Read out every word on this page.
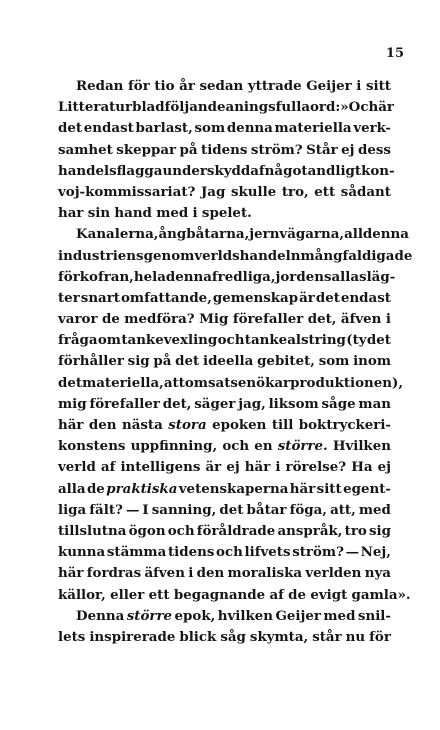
15
Redan för tio år sedan yttrade Geijer i sitt
Litteraturblad följande aningsfulla ord: »Och är
det endast barlast, som denna materiella verk-
samhet skeppar på tidens ström? Står ej dess
handelsflagga under skydd af något andligt kon-
voj-kommissariat? Jag skulle tro, ett sådant
har sin hand med i spelet.
Kanalerna, ångbåtarna, jernvägarna, all denna
industriens genom verldshandeln mångfaldigade
förkofran, hela denna fredliga, jordens alla släg-
ter snart omfattande, gemenskap är det endast
varor de medföra? Mig förefaller det, äfven i
fråga om tankevexling och tankealstring (ty det
förhåller sig på det ideella gebitet, som inom
det materiella, att omsatsen ökar produktionen),
mig förefaller det, säger jag, liksom såge man
här den nästa stora epoken till boktryckeri-
konstens uppfinning, och en större. Hvilken
verld af intelligens är ej här i rörelse? Ha ej
alla de praktiska vetenskaperna här sitt egent-
liga fält? — I sanning, det båtar föga, att, med
tillslutna ögon och föråldrade anspråk, tro sig
kunna stämma tidens och lifvets ström? — Nej,
här fordras äfven i den moraliska verlden nya
källor, eller ett begagnande af de evigt gamla».
Denna större epok, hvilken Geijer med snil-
lets inspirerade blick såg skymta, står nu för
